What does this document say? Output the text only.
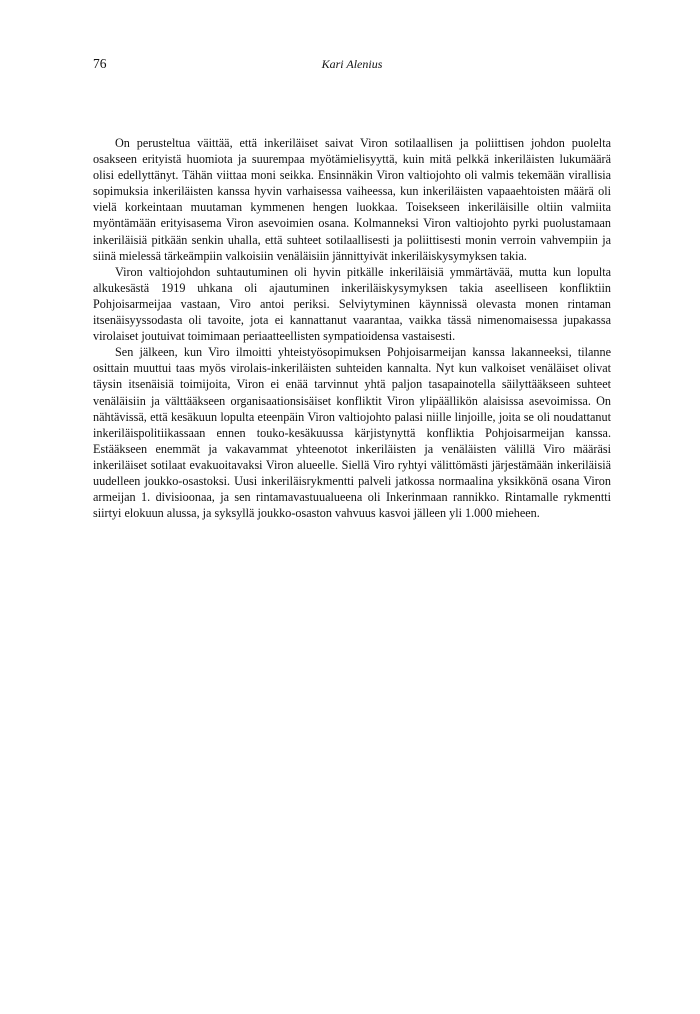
76	Kari Alenius

On perusteltua väittää, että inkeriläiset saivat Viron sotilaallisen ja poliittisen johdon puolelta osakseen erityistä huomiota ja suurempaa myötämielisyyttä, kuin mitä pelkkä inkeriläisten lukumäärä olisi edellyttänyt. Tähän viittaa moni seikka. Ensinnäkin Viron valtiojohto oli valmis tekemään virallisia sopimuksia inkeriläisten kanssa hyvin varhaisessa vaiheessa, kun inkeriläisten vapaaehtoisten määrä oli vielä korkeintaan muutaman kymmenen hengen luokkaa. Toisekseen inkeriläisille oltiin valmiita myöntämään erityisasema Viron asevoimien osana. Kolmanneksi Viron valtiojohto pyrki puolustamaan inkeriläisiä pitkään senkin uhalla, että suhteet sotilaallisesti ja poliittisesti monin verroin vahvempiin ja siinä mielessä tärkeämpiin valkoisiin venäläisiin jännittyivät inkeriläiskysymyksen takia.

Viron valtiojohdon suhtautuminen oli hyvin pitkälle inkeriläisiä ymmärtävää, mutta kun lopulta alkukesästä 1919 uhkana oli ajautuminen inkeriläiskysymyksen takia aseelliseen konfliktiin Pohjoisarmeijaa vastaan, Viro antoi periksi. Selviytyminen käynnissä olevasta monen rintaman itsenäisyyssodasta oli tavoite, jota ei kannattanut vaarantaa, vaikka tässä nimenomaisessa jupakassa virolaiset joutuivat toimimaan periaatteellisten sympatioidensa vastaisesti.

Sen jälkeen, kun Viro ilmoitti yhteistyösopimuksen Pohjoisarmeijan kanssa lakanneeksi, tilanne osittain muuttui taas myös virolais-inkeriläisten suhteiden kannalta. Nyt kun valkoiset venäläiset olivat täysin itsenäisiä toimijoita, Viron ei enää tarvinnut yhtä paljon tasapainotella säilyttääkseen suhteet venäläisiin ja välttääkseen organisaationsisäiset konfliktit Viron ylipäällikön alaisissa asevoimissa. On nähtävissä, että kesäkuun lopulta eteenpäin Viron valtiojohto palasi niille linjoille, joita se oli noudattanut inkeriläispolitiikassaan ennen touko-kesäkuussa kärjistynyttä konfliktia Pohjoisarmeijan kanssa. Estääkseen enemmät ja vakavammat yhteenotot inkeriläisten ja venäläisten välillä Viro määräsi inkeriläiset sotilaat evakuoitavaksi Viron alueelle. Siellä Viro ryhtyi välittömästi järjestämään inkeriläisiä uudelleen joukko-osastoksi. Uusi inkeriläisrykmentti palveli jatkossa normaalina yksikkönä osana Viron armeijan 1. divisioonaa, ja sen rintamavastuualueena oli Inkerinmaan rannikko. Rintamalle rykmentti siirtyi elokuun alussa, ja syksyllä joukko-osaston vahvuus kasvoi jälleen yli 1.000 mieheen.
